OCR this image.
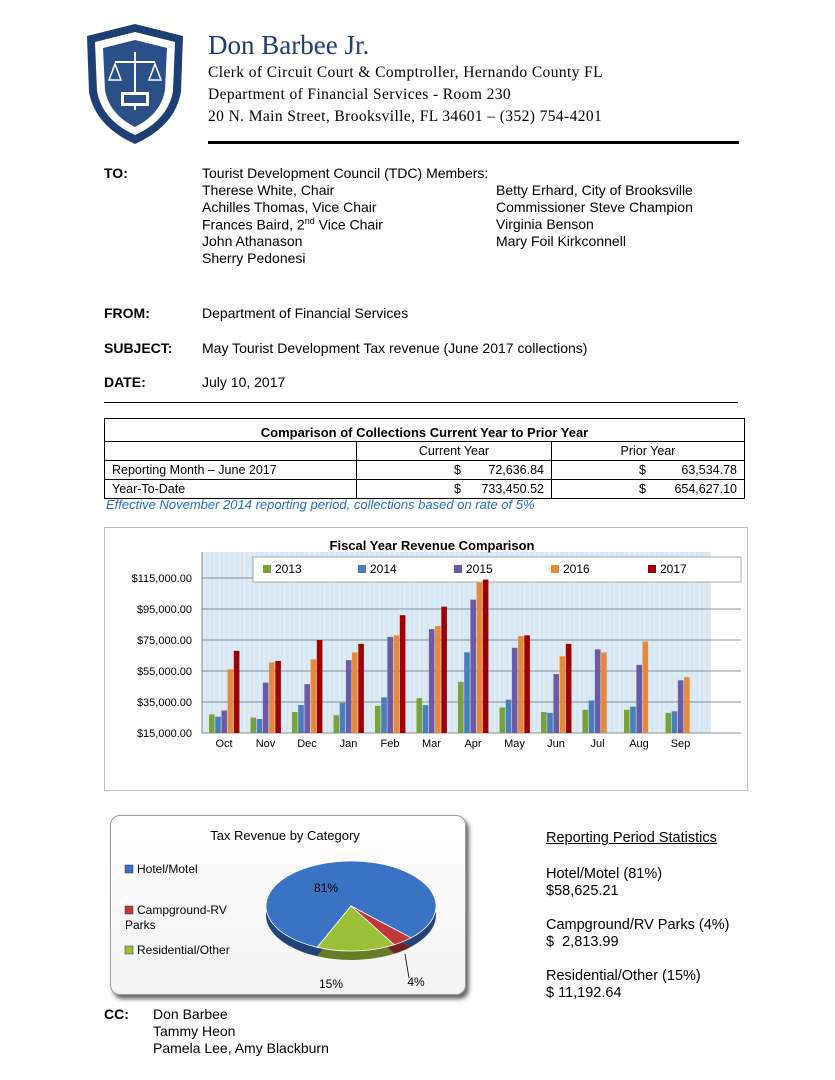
Don Barbee Jr.
Clerk of Circuit Court & Comptroller, Hernando County FL
Department of Financial Services - Room 230
20 N. Main Street, Brooksville, FL 34601 – (352) 754-4201
TO:	Tourist Development Council (TDC) Members:
Therese White, Chair
Achilles Thomas, Vice Chair
Frances Baird, 2nd Vice Chair
John Athanason
Sherry Pedonesi
Betty Erhard, City of Brooksville
Commissioner Steve Champion
Virginia Benson
Mary Foil Kirkconnell
FROM:	Department of Financial Services
SUBJECT: May Tourist Development Tax revenue (June 2017 collections)
DATE:	July 10, 2017
Comparison of Collections Current Year to Prior Year		
	Current Year	Prior Year
Reporting Month – June 2017	$ 72,636.84	$ 63,534.78

Year-To-Date	$ 733,450.52	$ 654,627.10
Effective November 2014 reporting period, collections based on rate of 5%
$15,000.00
$35,000.00
$55,000.00
$75,000.00
$95,000.00
$115,000.00
Fiscal Year Revenue Comparison
2013	2014	2015	2016	2017
Oct Nov Dec Jan Feb Mar Apr May Jun Jul Aug Sep
Tax Revenue by Category
81%
15%	4%
Hotel/Motel
Campground-RV Parks
Residential/Other
Reporting Period Statistics
Hotel/Motel (81%)
$58,625.21
Campground/RV Parks (4%)
$  2,813.99
Residential/Other (15%)
$ 11,192.64
CC: Don Barbee
Tammy Heon
Pamela Lee, Amy Blackburn
